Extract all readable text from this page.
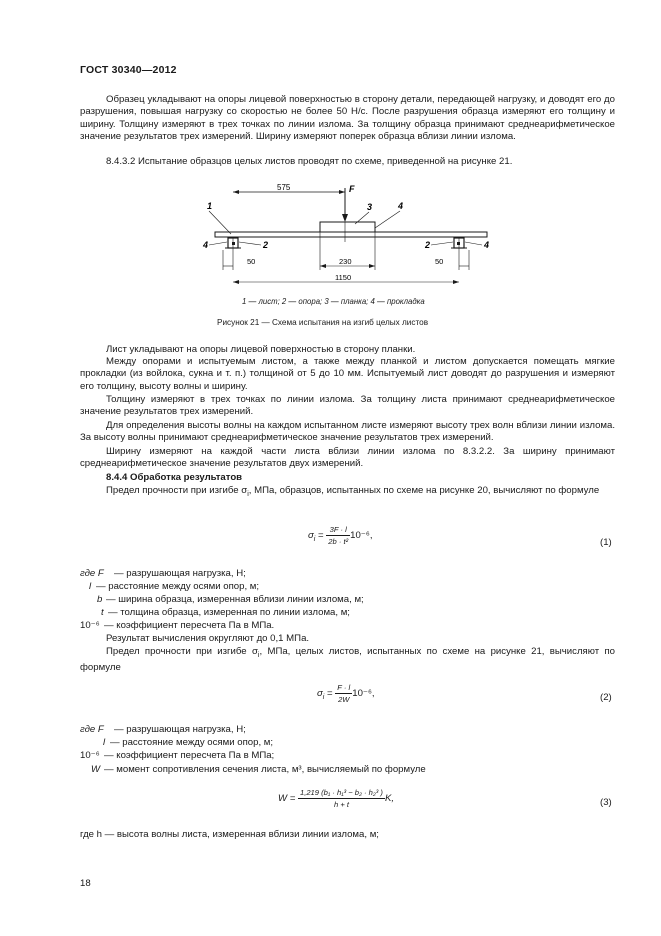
ГОСТ 30340—2012

Образец укладывают на опоры лицевой поверхностью в сторону детали, передающей нагрузку, и доводят его до разрушения, повышая нагрузку со скоростью не более 50 Н/с. После разрушения образца измеряют его толщину и ширину. Толщину измеряют в трех точках по линии излома. За толщину образца принимают среднеарифметическое значение результатов трех измерений. Ширину измеряют поперек образца вблизи линии излома.

8.4.3.2 Испытание образцов целых листов проводят по схеме, приведенной на рисунке 21.

575	F
1	3	4
4	2	2	4
50	50
230
1150
1 — лист; 2 — опора; 3 — планка; 4 — прокладка
Рисунок 21 — Схема испытания на изгиб целых листов

Лист укладывают на опоры лицевой поверхностью в сторону планки.

Между опорами и испытуемым листом, а также между планкой и листом допускается помещать мягкие прокладки (из войлока, сукна и т. п.) толщиной от 5 до 10 мм. Испытуемый лист доводят до разрушения и измеряют его толщину, высоту волны и ширину.

Толщину измеряют в трех точках по линии излома. За толщину листа принимают среднеарифметическое значение результатов трех измерений.

Для определения высоты волны на каждом испытанном листе измеряют высоту трех волн вблизи линии излома. За высоту волны принимают среднеарифметическое значение результатов трех измерений.

Ширину измеряют на каждой части листа вблизи линии излома по 8.3.2.2. За ширину принимают среднеарифметическое значение результатов двух измерений.

8.4.4 Обработка результатов

Предел прочности при изгибе $\sigma_i$, МПа, образцов, испытанных по схеме на рисунке 20, вычисляют по формуле

$\sigma_i = \frac{3F \cdot l}{\text{2b · t²}} 10^{-6}$,
(1)
где F — разрушающая нагрузка, Н;
l — расстояние между осями опор, м;
b — ширина образца, измеренная вблизи линии излома, м;
t — толщина образца, измеренная по линии излома, м;
10⁻⁶ — коэффициент пересчета Па в МПа.

Результат вычисления округляют до 0,1 МПа.

Предел прочности при изгибе $\sigma_i$, МПа, целых листов, испытанных по схеме на рисунке 21, вычисляют по формуле

$\sigma_i = \frac{F \cdot l}{2W} 10^{-6}$,	(2)
где F — разрушающая нагрузка, Н;
l — расстояние между осями опор, м;
10⁻⁶ — коэффициент пересчета Па в МПа;
W — момент сопротивления сечения листа, м³, вычисляемый по формуле
$W = \frac{\text{1,219 (b₁ · h₁³ − b₂ · h₂³ )}}{h + t} K$,	(3)

где h — высота волны листа, измеренная вблизи линии излома, м;

18
